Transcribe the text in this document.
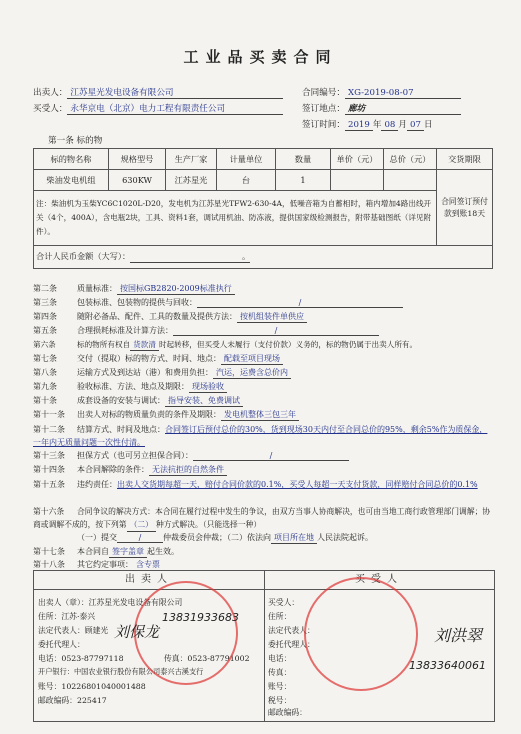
工业品买卖合同
出卖人： 江苏星光发电设备有限公司
买受人： 永华京电（北京）电力工程有限责任公司
合同编号： XG-2019-08-07
签订地点： 廊坊
签订时间： 2019 年 08 月 07 日
第一条 标的物
标的物名称	规格型号	生产厂家	计量单位	数量	单价（元）	总价（元）	交货期限
柴油发电机组	630KW	江苏星光	台	1			合同签订预付款到账18天
注：柴油机为玉柴YC6C1020L-D20，发电机为江苏星光TFW2-630-4A，低噪音箱为自蓄相时，箱内增加4路出线开关（4个，400A），含电瓶2块，工具、资料1套，调试用机油、防冻液，提供国家级检测报告，附带基础图纸（详见附件）。							
合计人民币金额（大写）： 。							
第二条	质量标准： 按国标GB2820-2009标准执行
第三条	包装标准、包装物的提供与回收：	/
第四条	随附必备品、配件、工具的数量及提供方法： 按机组装件单供应
第五条	合理损耗标准及计算方法：	/
第六条	标的物所有权自 货款清 时起转移，但买受人未履行（支付价款）义务的，标的物仍属于出卖人所有。
第七条	交付（提取）标的物方式、时间、地点： 配载至项目现场
第八条	运输方式及到达站（港）和费用负担： 汽运，运费含总价内
第九条	验收标准、方法、地点及期限： 现场验收
第十条	成套设备的安装与调试： 指导安装、免费调试
第十一条 出卖人对标的物质量负责的条件及期限： 发电机整体三包三年
第十二条 结算方式、时间及地点：合同签订后预付总价的30%，货到现场30天内付至合同总价的95%，剩余5%作为质保金，一年内无质量问题一次性付清。
第十三条 担保方式（也可另立担保合同）：	/
第十四条 本合同解除的条件： 无法抗拒的自然条件
第十五条 违约责任：出卖人交货期每超一天，赔付合同价款的0.1%，买受人每超一天支付货款，同样赔付合同总价的0.1%
第十六条 合同争议的解决方式：本合同在履行过程中发生的争议，由双方当事人协商解决，也可由当地工商行政管理部门调解；协商或调解不成的，按下列第 （二） 种方式解决。（只能选择一种）
（一）提交	/	仲裁委员会仲裁；（二）依法向 项目所在地 人民法院起诉。
第十七条 本合同自 签字盖章 起生效。
第十八条 其它约定事项： 含专票
出卖人
出卖人（章）：江苏星光发电设备有限公司
住所：江苏·泰兴
法定代表人：顾建光
委托代理人：
电话：0523-87797118	传真：0523-87791002
开户银行：中国农业银行股份有限公司泰兴古溪支行
账号：10226801040001488
邮政编码：225417
刘保龙
13831933683
买受人
买受人：
住所：
法定代表人：
委托代理人：
电话：
传真：
账号：
税号：
邮政编码：
刘洪翠
13833640061
